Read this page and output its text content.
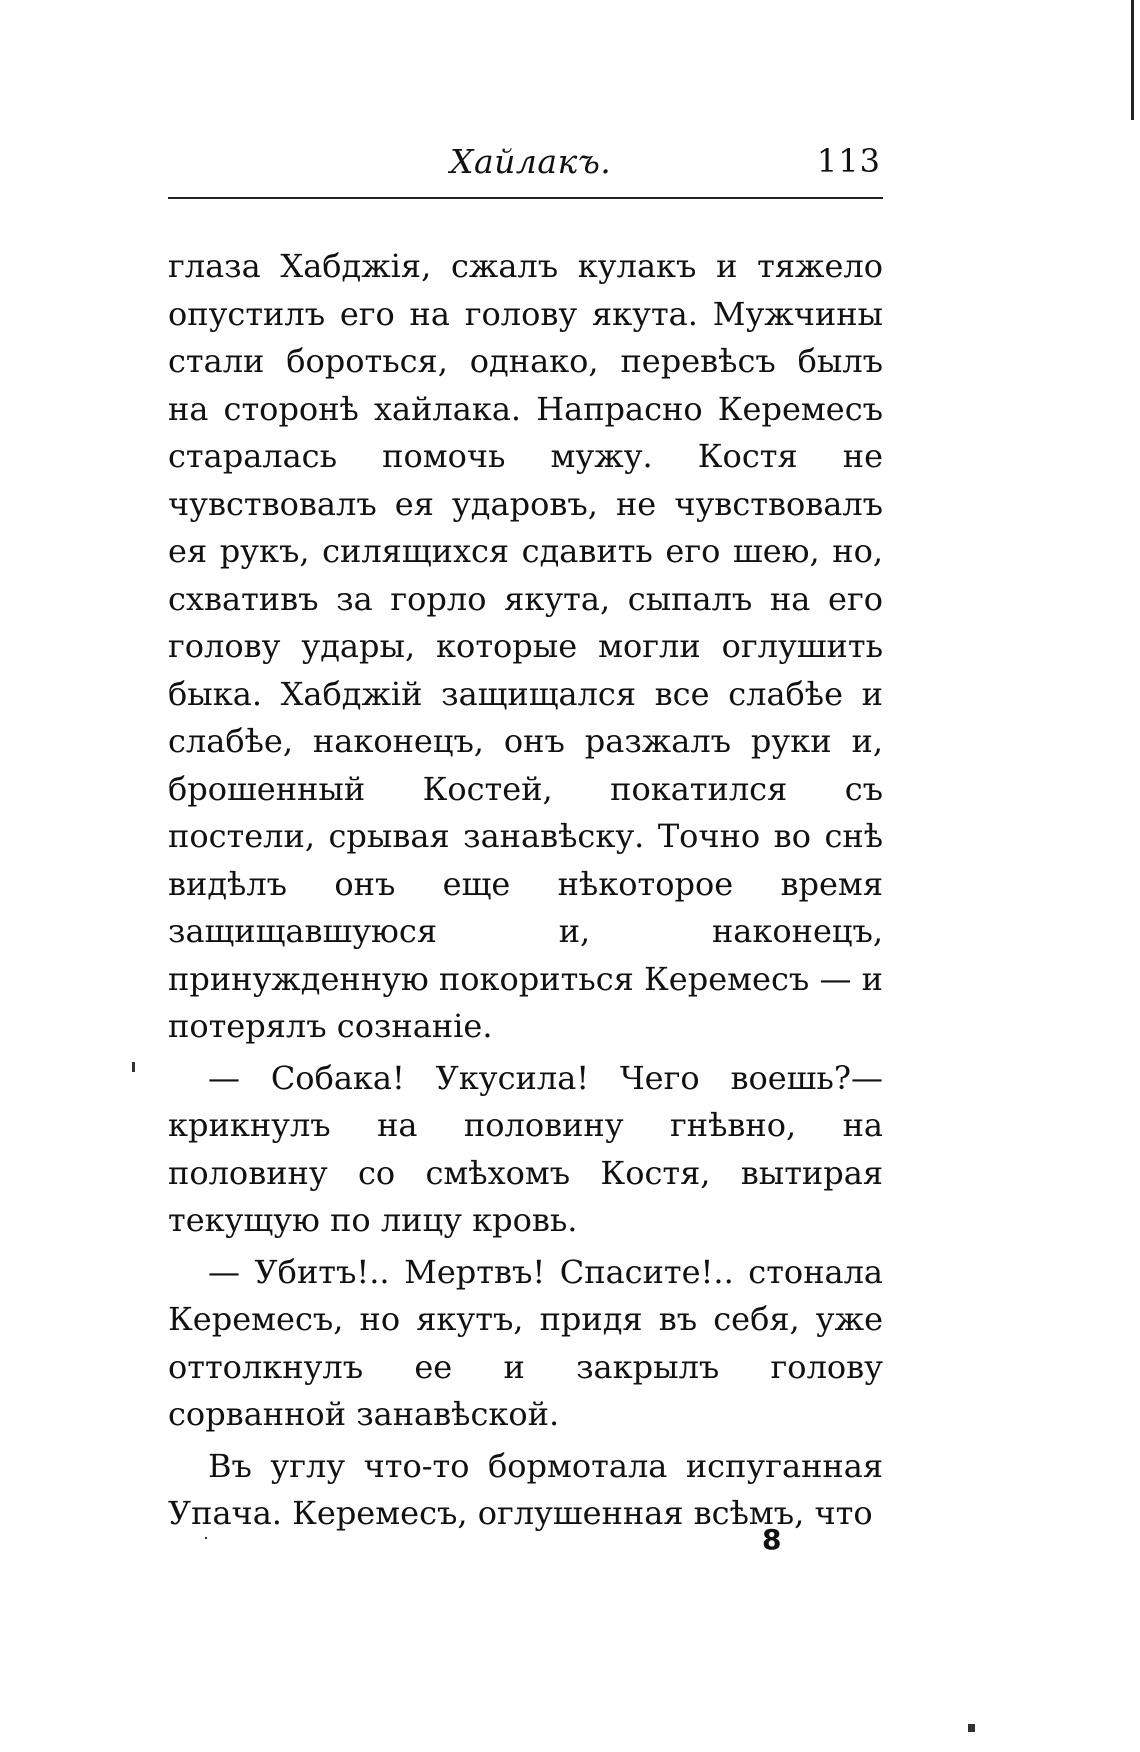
Хайлакъ.	113

глаза Хабджія, сжалъ кулакъ и тяжело опустилъ его на голову якута. Мужчины стали бороться, однако, перевѣсъ былъ на сторонѣ хайлака. Напрасно Керемесъ старалась помочь мужу. Костя не чувствовалъ ея ударовъ, не чувствовалъ ея рукъ, силящихся сдавить его шею, но, схвативъ за горло якута, сыпалъ на его голову удары, которые могли оглушить быка. Хабджій защищался все слабѣе и слабѣе, наконецъ, онъ разжалъ руки и, брошенный Костей, покатился съ постели, срывая занавѣску. Точно во снѣ видѣлъ онъ еще нѣкоторое время защищавшуюся и, наконецъ, принужденную покориться Керемесъ — и потерялъ сознаніе.

— Собака! Укусила! Чего воешь?—крикнулъ на половину гнѣвно, на половину со смѣхомъ Костя, вытирая текущую по лицу кровь.

— Убитъ!.. Мертвъ! Спасите!.. стонала Керемесъ, но якутъ, придя въ себя, уже оттолкнулъ ее и закрылъ голову сорванной занавѣской.

Въ углу что-то бормотала испуганная Упача. Керемесъ, оглушенная всѣмъ, что

8
